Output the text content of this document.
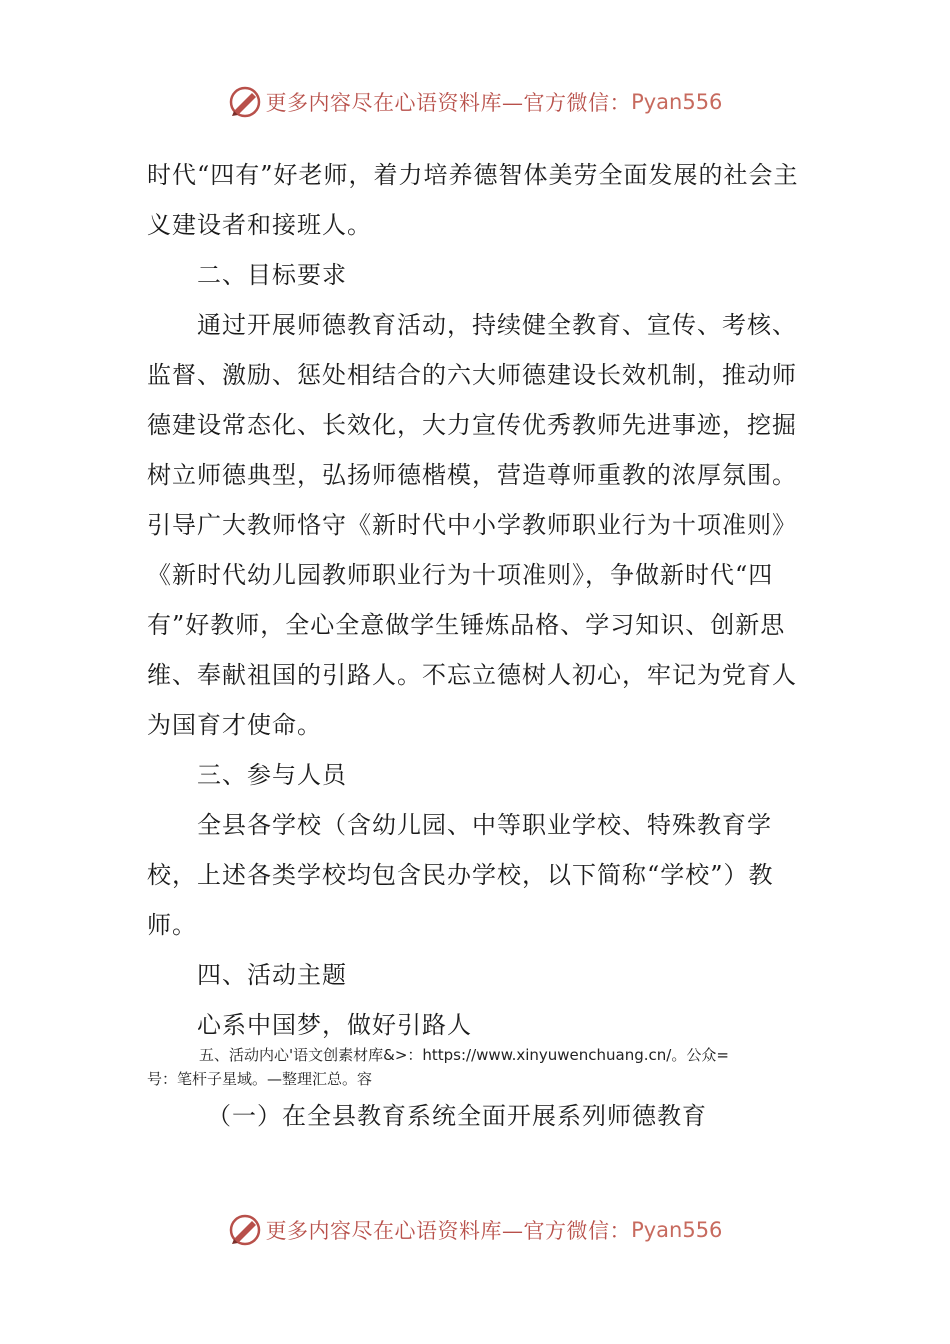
更多内容尽在心语资料库—官方微信： Pyan556

时代“四有”好老师，着力培养德智体美劳全面发展的社会主义建设者和接班人。

二、目标要求

通过开展师德教育活动，持续健全教育、宣传、考核、监督、激励、惩处相结合的六大师德建设长效机制，推动师德建设常态化、长效化，大力宣传优秀教师先进事迹，挖掘树立师德典型，弘扬师德楷模，营造尊师重教的浓厚氛围。引导广大教师恪守《新时代中小学教师职业行为十项准则》《新时代幼儿园教师职业行为十项准则》，争做新时代“四有”好教师，全心全意做学生锤炼品格、学习知识、创新思维、奉献祖国的引路人。不忘立德树人初心，牢记为党育人为国育才使命。

三、参与人员

全县各学校（含幼儿园、中等职业学校、特殊教育学校，上述各类学校均包含民办学校，以下简称“学校”）教师。

四、活动主题

心系中国梦，做好引路人

五、活动内心'语文创素材库&>：https://www.xinyuwenchuang.cn/。公众=
号：笔杆子星域。—整理汇总。容

（一）在全县教育系统全面开展系列师德教育

更多内容尽在心语资料库—官方微信： Pyan556
